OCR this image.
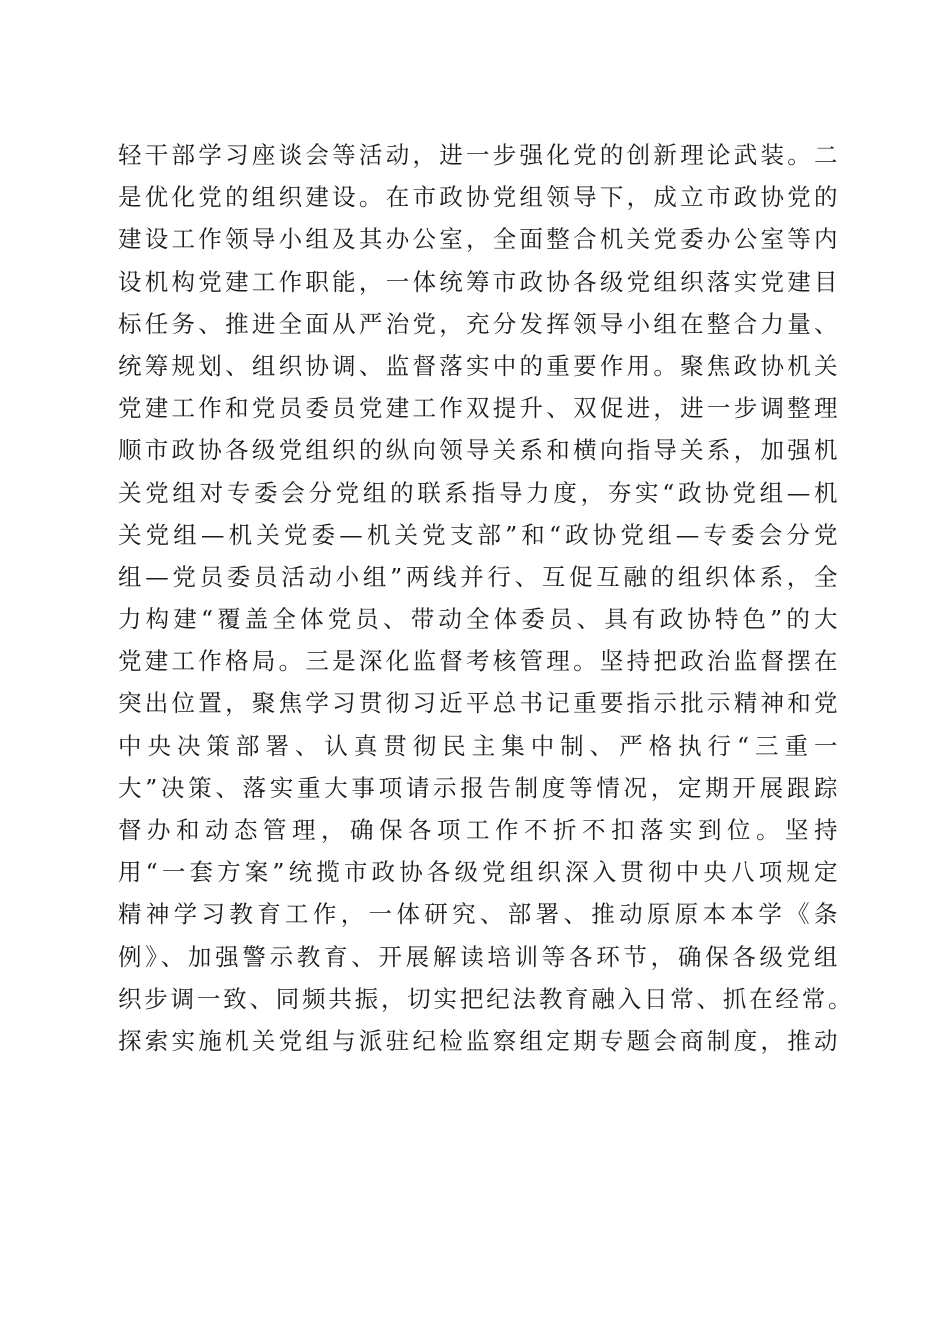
轻干部学习座谈会等活动，进一步强化党的创新理论武装。二
是优化党的组织建设。在市政协党组领导下，成立市政协党的
建设工作领导小组及其办公室，全面整合机关党委办公室等内
设机构党建工作职能，一体统筹市政协各级党组织落实党建目
标任务、推进全面从严治党，充分发挥领导小组在整合力量、
统筹规划、组织协调、监督落实中的重要作用。聚焦政协机关
党建工作和党员委员党建工作双提升、双促进，进一步调整理
顺市政协各级党组织的纵向领导关系和横向指导关系，加强机
关党组对专委会分党组的联系指导力度，夯实“政协党组—机
关党组—机关党委—机关党支部”和“政协党组—专委会分党
组—党员委员活动小组”两线并行、互促互融的组织体系，全
力构建“覆盖全体党员、带动全体委员、具有政协特色”的大
党建工作格局。三是深化监督考核管理。坚持把政治监督摆在
突出位置，聚焦学习贯彻习近平总书记重要指示批示精神和党
中央决策部署、认真贯彻民主集中制、严格执行“三重一
大”决策、落实重大事项请示报告制度等情况，定期开展跟踪
督办和动态管理，确保各项工作不折不扣落实到位。坚持
用“一套方案”统揽市政协各级党组织深入贯彻中央八项规定
精神学习教育工作，一体研究、部署、推动原原本本学《条
例》、加强警示教育、开展解读培训等各环节，确保各级党组
织步调一致、同频共振，切实把纪法教育融入日常、抓在经常。
探索实施机关党组与派驻纪检监察组定期专题会商制度，推动
